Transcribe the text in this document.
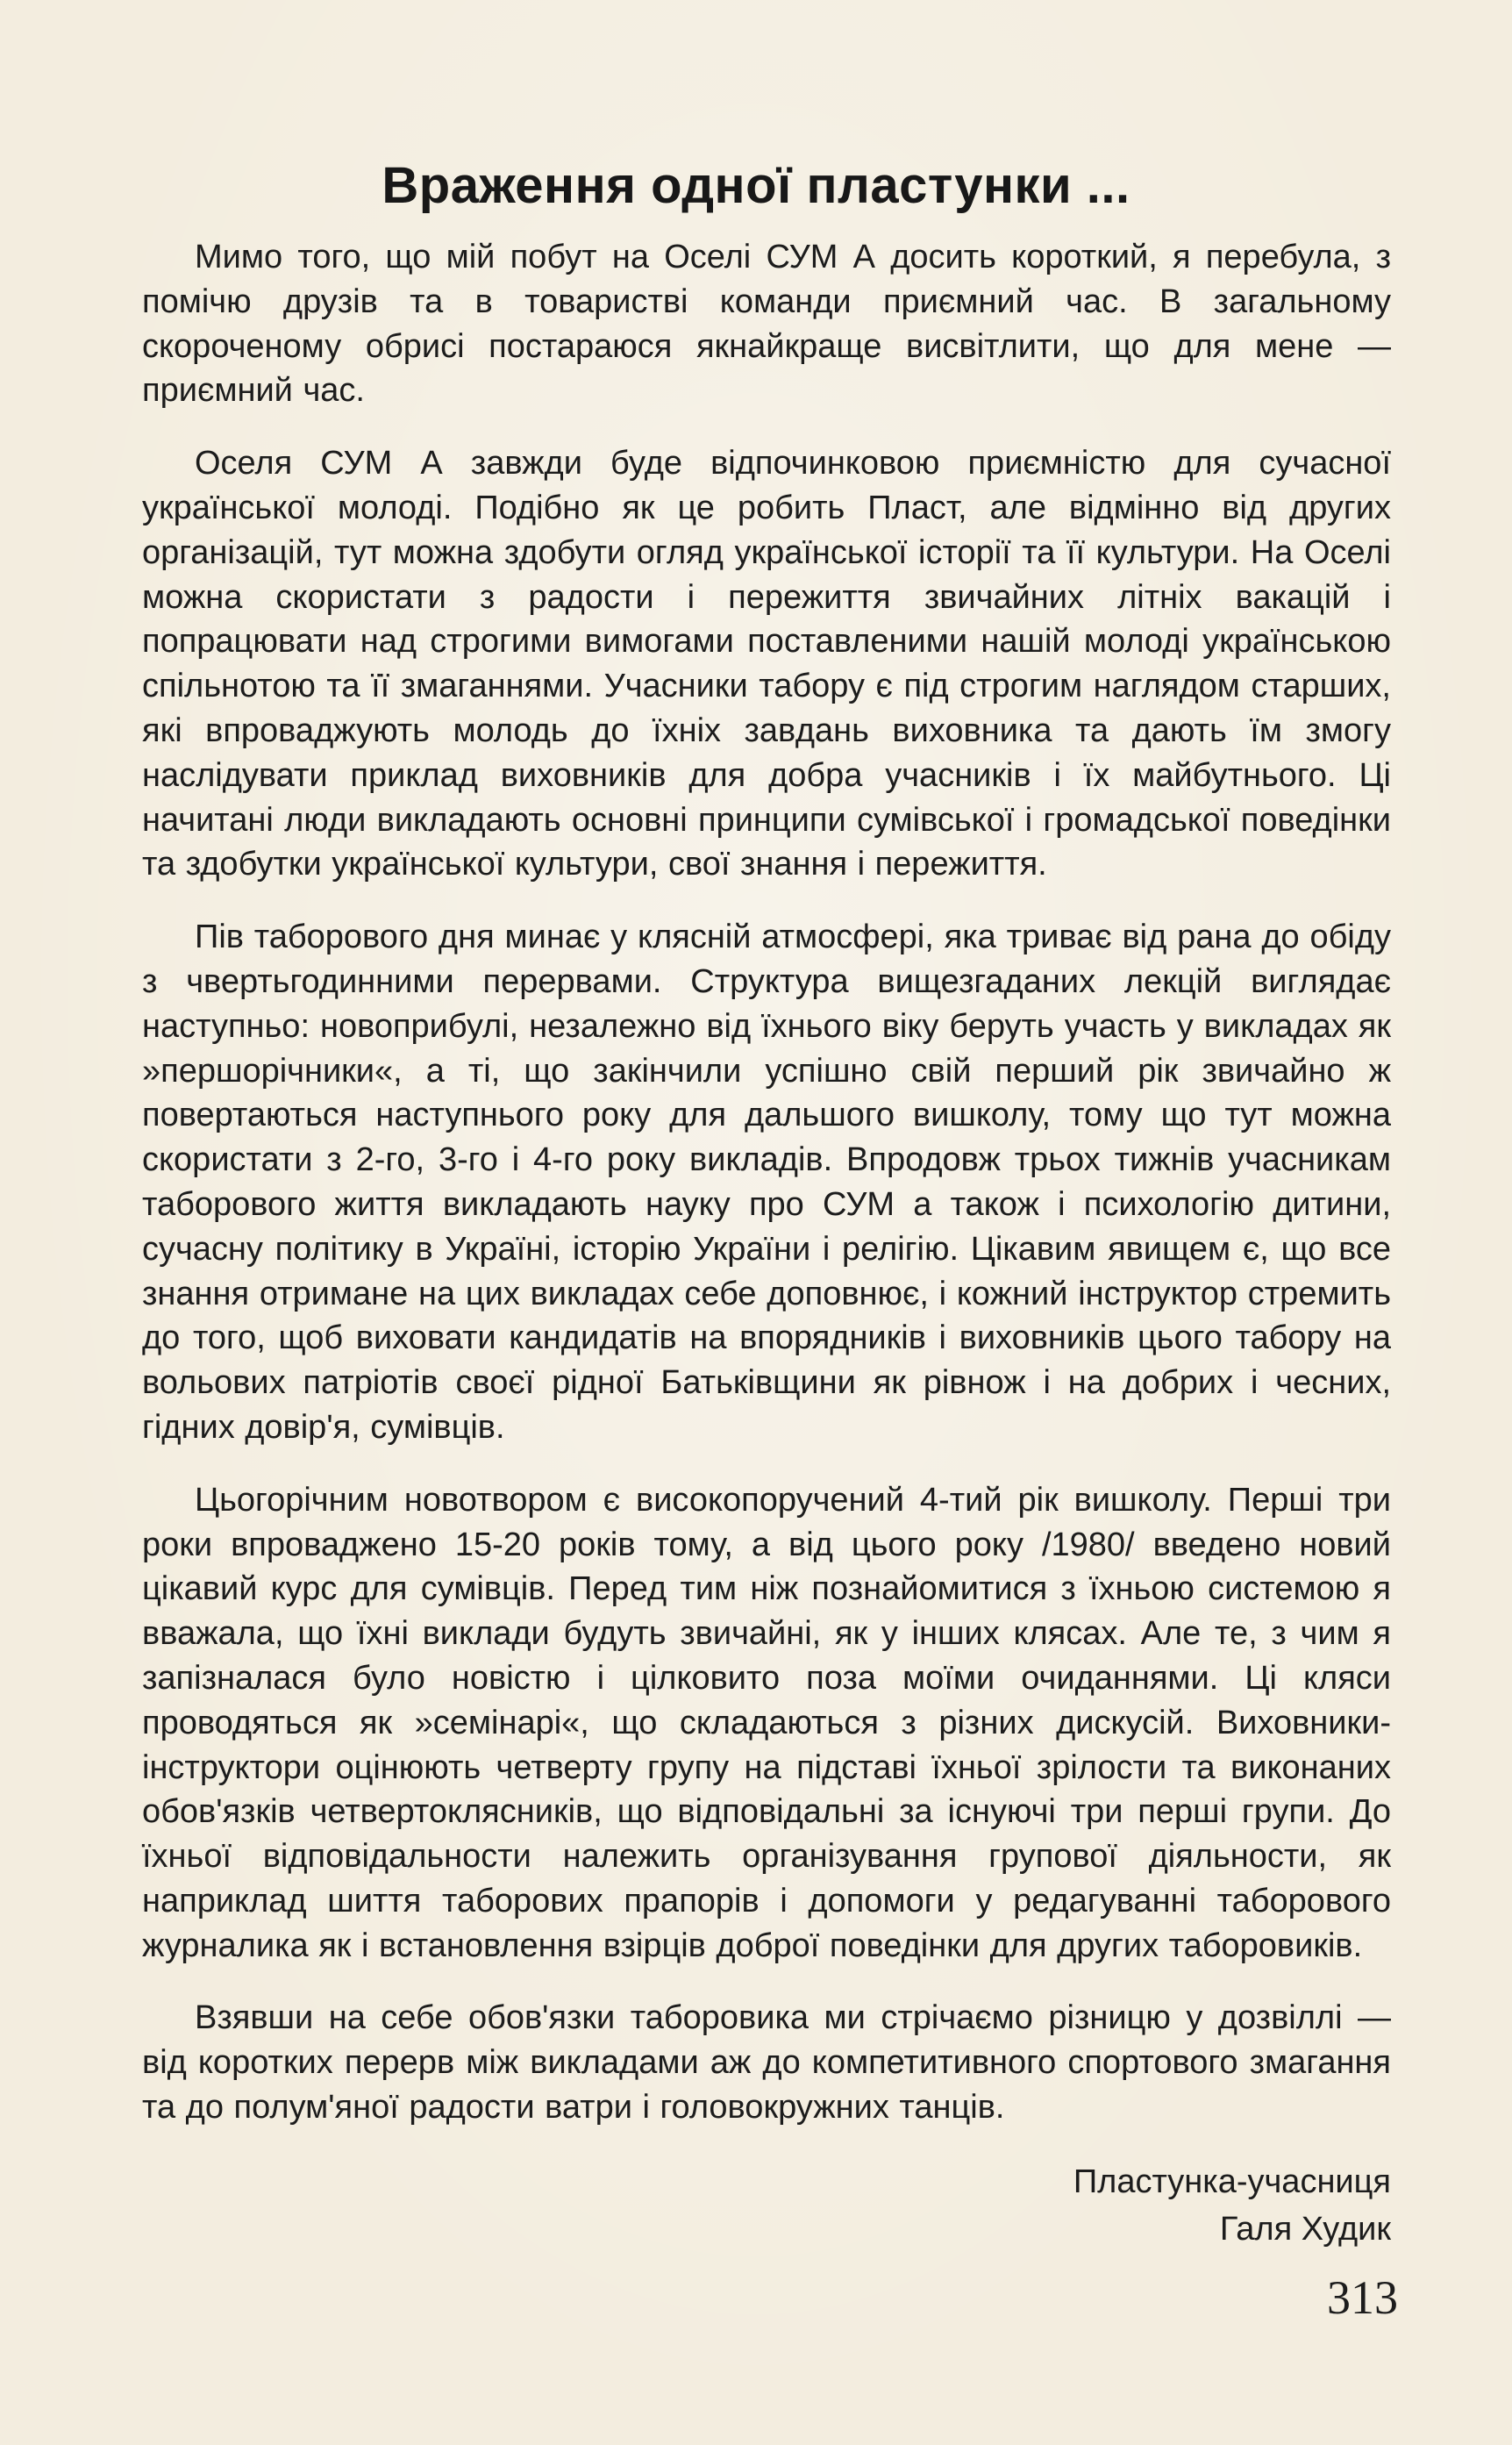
Враження одної пластунки ...

Мимо того, що мій побут на Оселі СУМ А досить короткий, я перебула, з помічю друзів та в товаристві команди приємний час. В загальному скороченому обрисі постараюся якнайкраще висвітлити, що для мене — приємний час.

Оселя СУМ А завжди буде відпочинковою приємністю для сучасної української молоді. Подібно як це робить Пласт, але відмінно від других організацій, тут можна здобути огляд української історії та її культури. На Оселі можна скористати з радости і пережиття звичайних літніх вакацій і попрацювати над строгими вимогами поставленими нашій молоді українською спільнотою та її змаганнями. Учасники табору є під строгим наглядом старших, які впроваджують молодь до їхніх завдань виховника та дають їм змогу наслідувати приклад виховників для добра учасників і їх майбутнього. Ці начитані люди викладають основні принципи сумівської і громадської поведінки та здобутки української культури, свої знання і пережиття.

Пів таборового дня минає у клясній атмосфері, яка триває від рана до обіду з чвертьгодинними перервами. Структура вищезгаданих лекцій виглядає наступньо: новоприбулі, незалежно від їхнього віку беруть участь у викладах як »першорічники«, а ті, що закінчили успішно свій перший рік звичайно ж повертаються наступнього року для дальшого вишколу, тому що тут можна скористати з 2-го, 3-го і 4-го року викладів. Впродовж трьох тижнів учасникам таборового життя викладають науку про СУМ а також і психологію дитини, сучасну політику в Україні, історію України і релігію. Цікавим явищем є, що все знання отримане на цих викладах себе доповнює, і кожний інструктор стремить до того, щоб виховати кандидатів на впорядників і виховників цього табору на вольових патріотів своєї рідної Батьківщини як рівнож і на добрих і чесних, гідних довір'я, сумівців.

Цьогорічним новотвором є високопоручений 4-тий рік вишколу. Перші три роки впроваджено 15-20 років тому, а від цього року /1980/ введено новий цікавий курс для сумівців. Перед тим ніж познайомитися з їхньою системою я вважала, що їхні виклади будуть звичайні, як у інших клясах. Але те, з чим я запізналася було новістю і цілковито поза моїми очиданнями. Ці кляси проводяться як »семінарі«, що складаються з різних дискусій. Виховники-інструктори оцінюють четверту групу на підставі їхньої зрілости та виконаних обов'язків четвертоклясників, що відповідальні за існуючі три перші групи. До їхньої відповідальности належить організування групової діяльности, як наприклад шиття таборових прапорів і допомоги у редагуванні таборового журналика як і встановлення взірців доброї поведінки для других таборовиків.

Взявши на себе обов'язки таборовика ми стрічаємо різницю у дозвіллі — від коротких перерв між викладами аж до компетитивного спортового змагання та до полум'яної радости ватри і головокружних танців.

Пластунка-учасниця
Галя Худик
313
